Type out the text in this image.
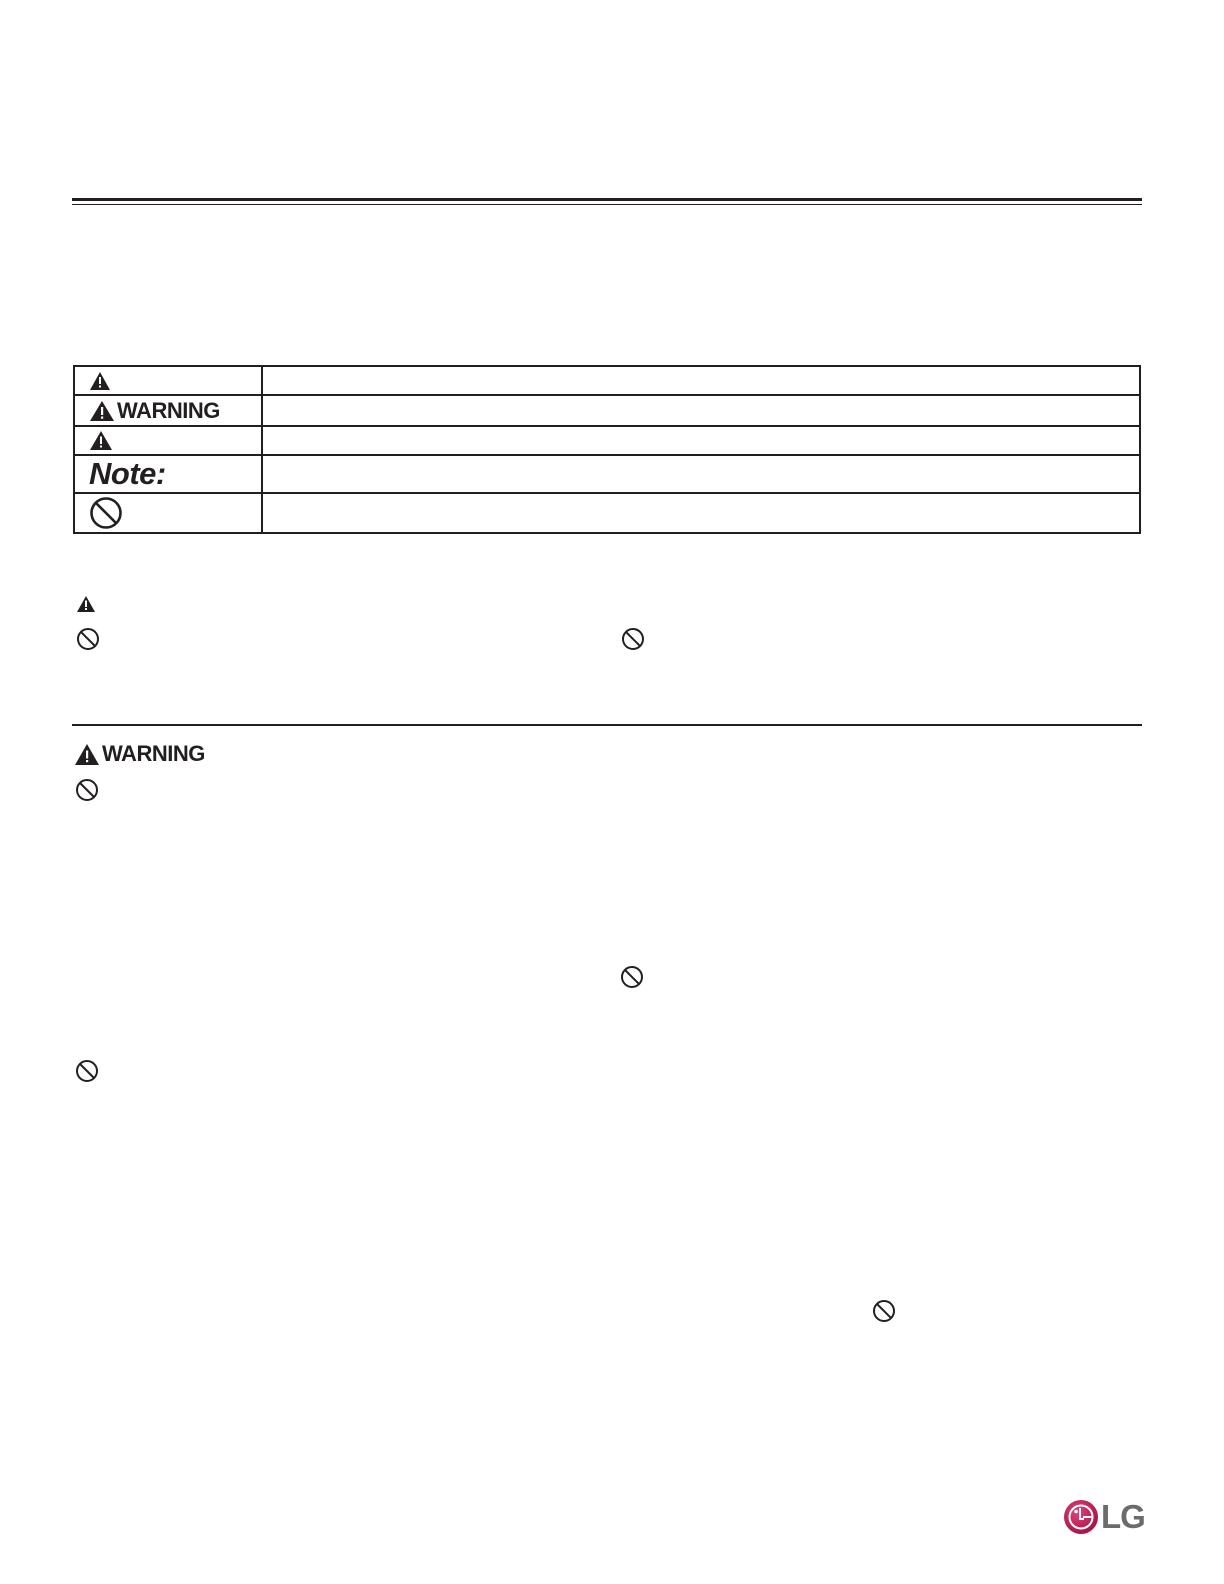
WARNING	

Note:	

WARNING
LG
